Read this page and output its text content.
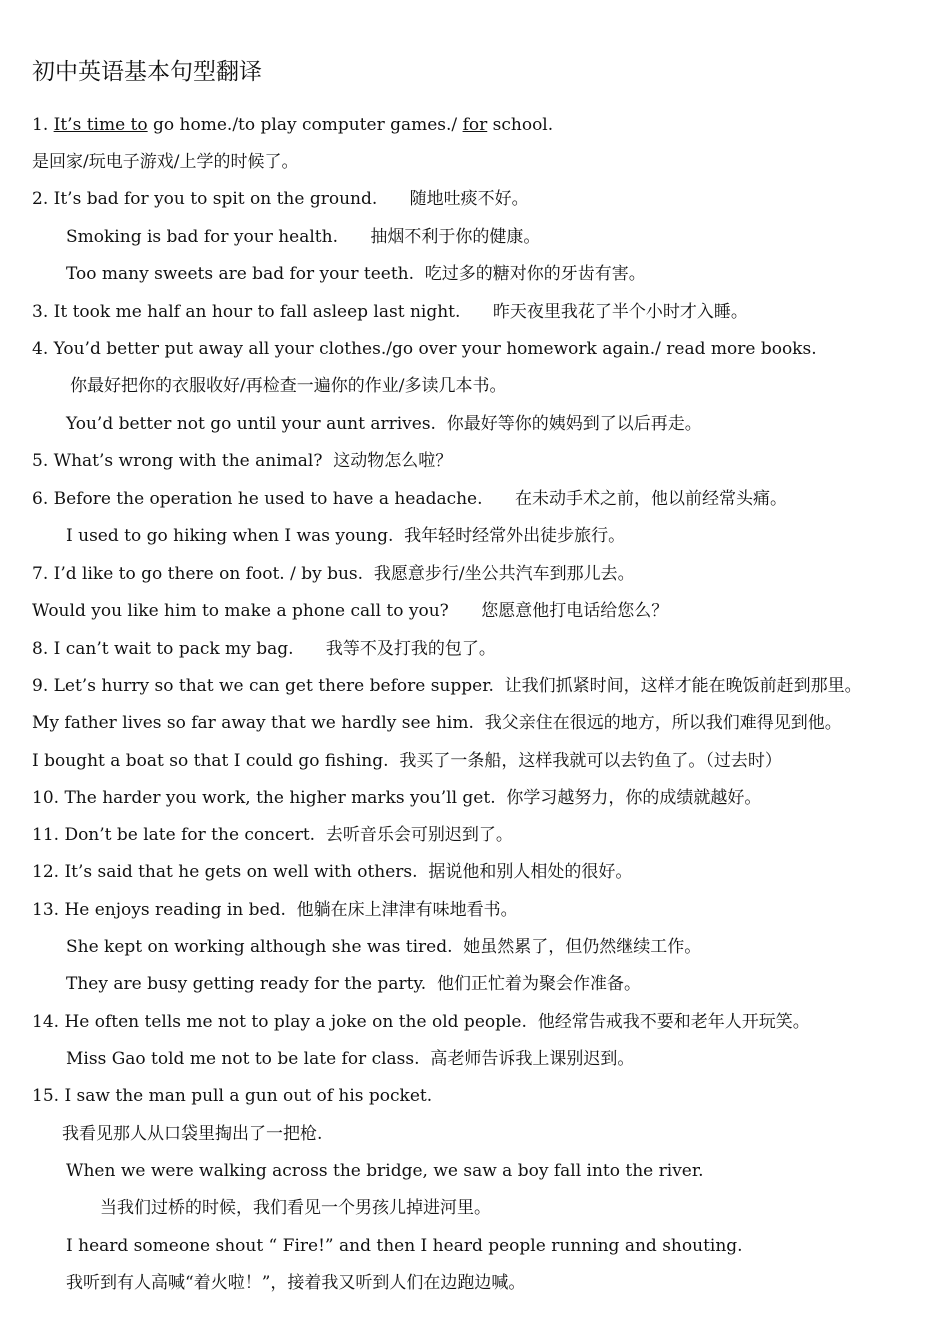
初中英语基本句型翻译
1. It’s time to go home./to play computer games./ for school.
是回家/玩电子游戏/上学的时候了。
2. It’s bad for you to spit on the ground.      随地吐痰不好。
Smoking is bad for your health.      抽烟不利于你的健康。
Too many sweets are bad for your teeth.  吃过多的糖对你的牙齿有害。
3. It took me half an hour to fall asleep last night.      昨天夜里我花了半个小时才入睡。
4. You’d better put away all your clothes./go over your homework again./ read more books.
你最好把你的衣服收好/再检查一遍你的作业/多读几本书。
You’d better not go until your aunt arrives.  你最好等你的姨妈到了以后再走。
5. What’s wrong with the animal?  这动物怎么啦？
6. Before the operation he used to have a headache.      在未动手术之前，他以前经常头痛。
I used to go hiking when I was young.  我年轻时经常外出徒步旅行。
7. I’d like to go there on foot. / by bus.  我愿意步行/坐公共汽车到那儿去。
Would you like him to make a phone call to you?      您愿意他打电话给您么？
8. I can’t wait to pack my bag.      我等不及打我的包了。
9. Let’s hurry so that we can get there before supper.  让我们抓紧时间，这样才能在晚饭前赶到那里。
My father lives so far away that we hardly see him.  我父亲住在很远的地方，所以我们难得见到他。
I bought a boat so that I could go fishing.  我买了一条船，这样我就可以去钓鱼了。（过去时）
10. The harder you work, the higher marks you’ll get.  你学习越努力，你的成绩就越好。
11. Don’t be late for the concert.  去听音乐会可别迟到了。
12. It’s said that he gets on well with others.  据说他和别人相处的很好。
13. He enjoys reading in bed.  他躺在床上津津有味地看书。
She kept on working although she was tired.  她虽然累了，但仍然继续工作。
They are busy getting ready for the party.  他们正忙着为聚会作准备。
14. He often tells me not to play a joke on the old people.  他经常告戒我不要和老年人开玩笑。
Miss Gao told me not to be late for class.  高老师告诉我上课别迟到。
15. I saw the man pull a gun out of his pocket.
我看见那人从口袋里掏出了一把枪.
When we were walking across the bridge, we saw a boy fall into the river.
当我们过桥的时候，我们看见一个男孩儿掉进河里。
I heard someone shout “ Fire!” and then I heard people running and shouting.
我听到有人高喊“着火啦！”，接着我又听到人们在边跑边喊。
